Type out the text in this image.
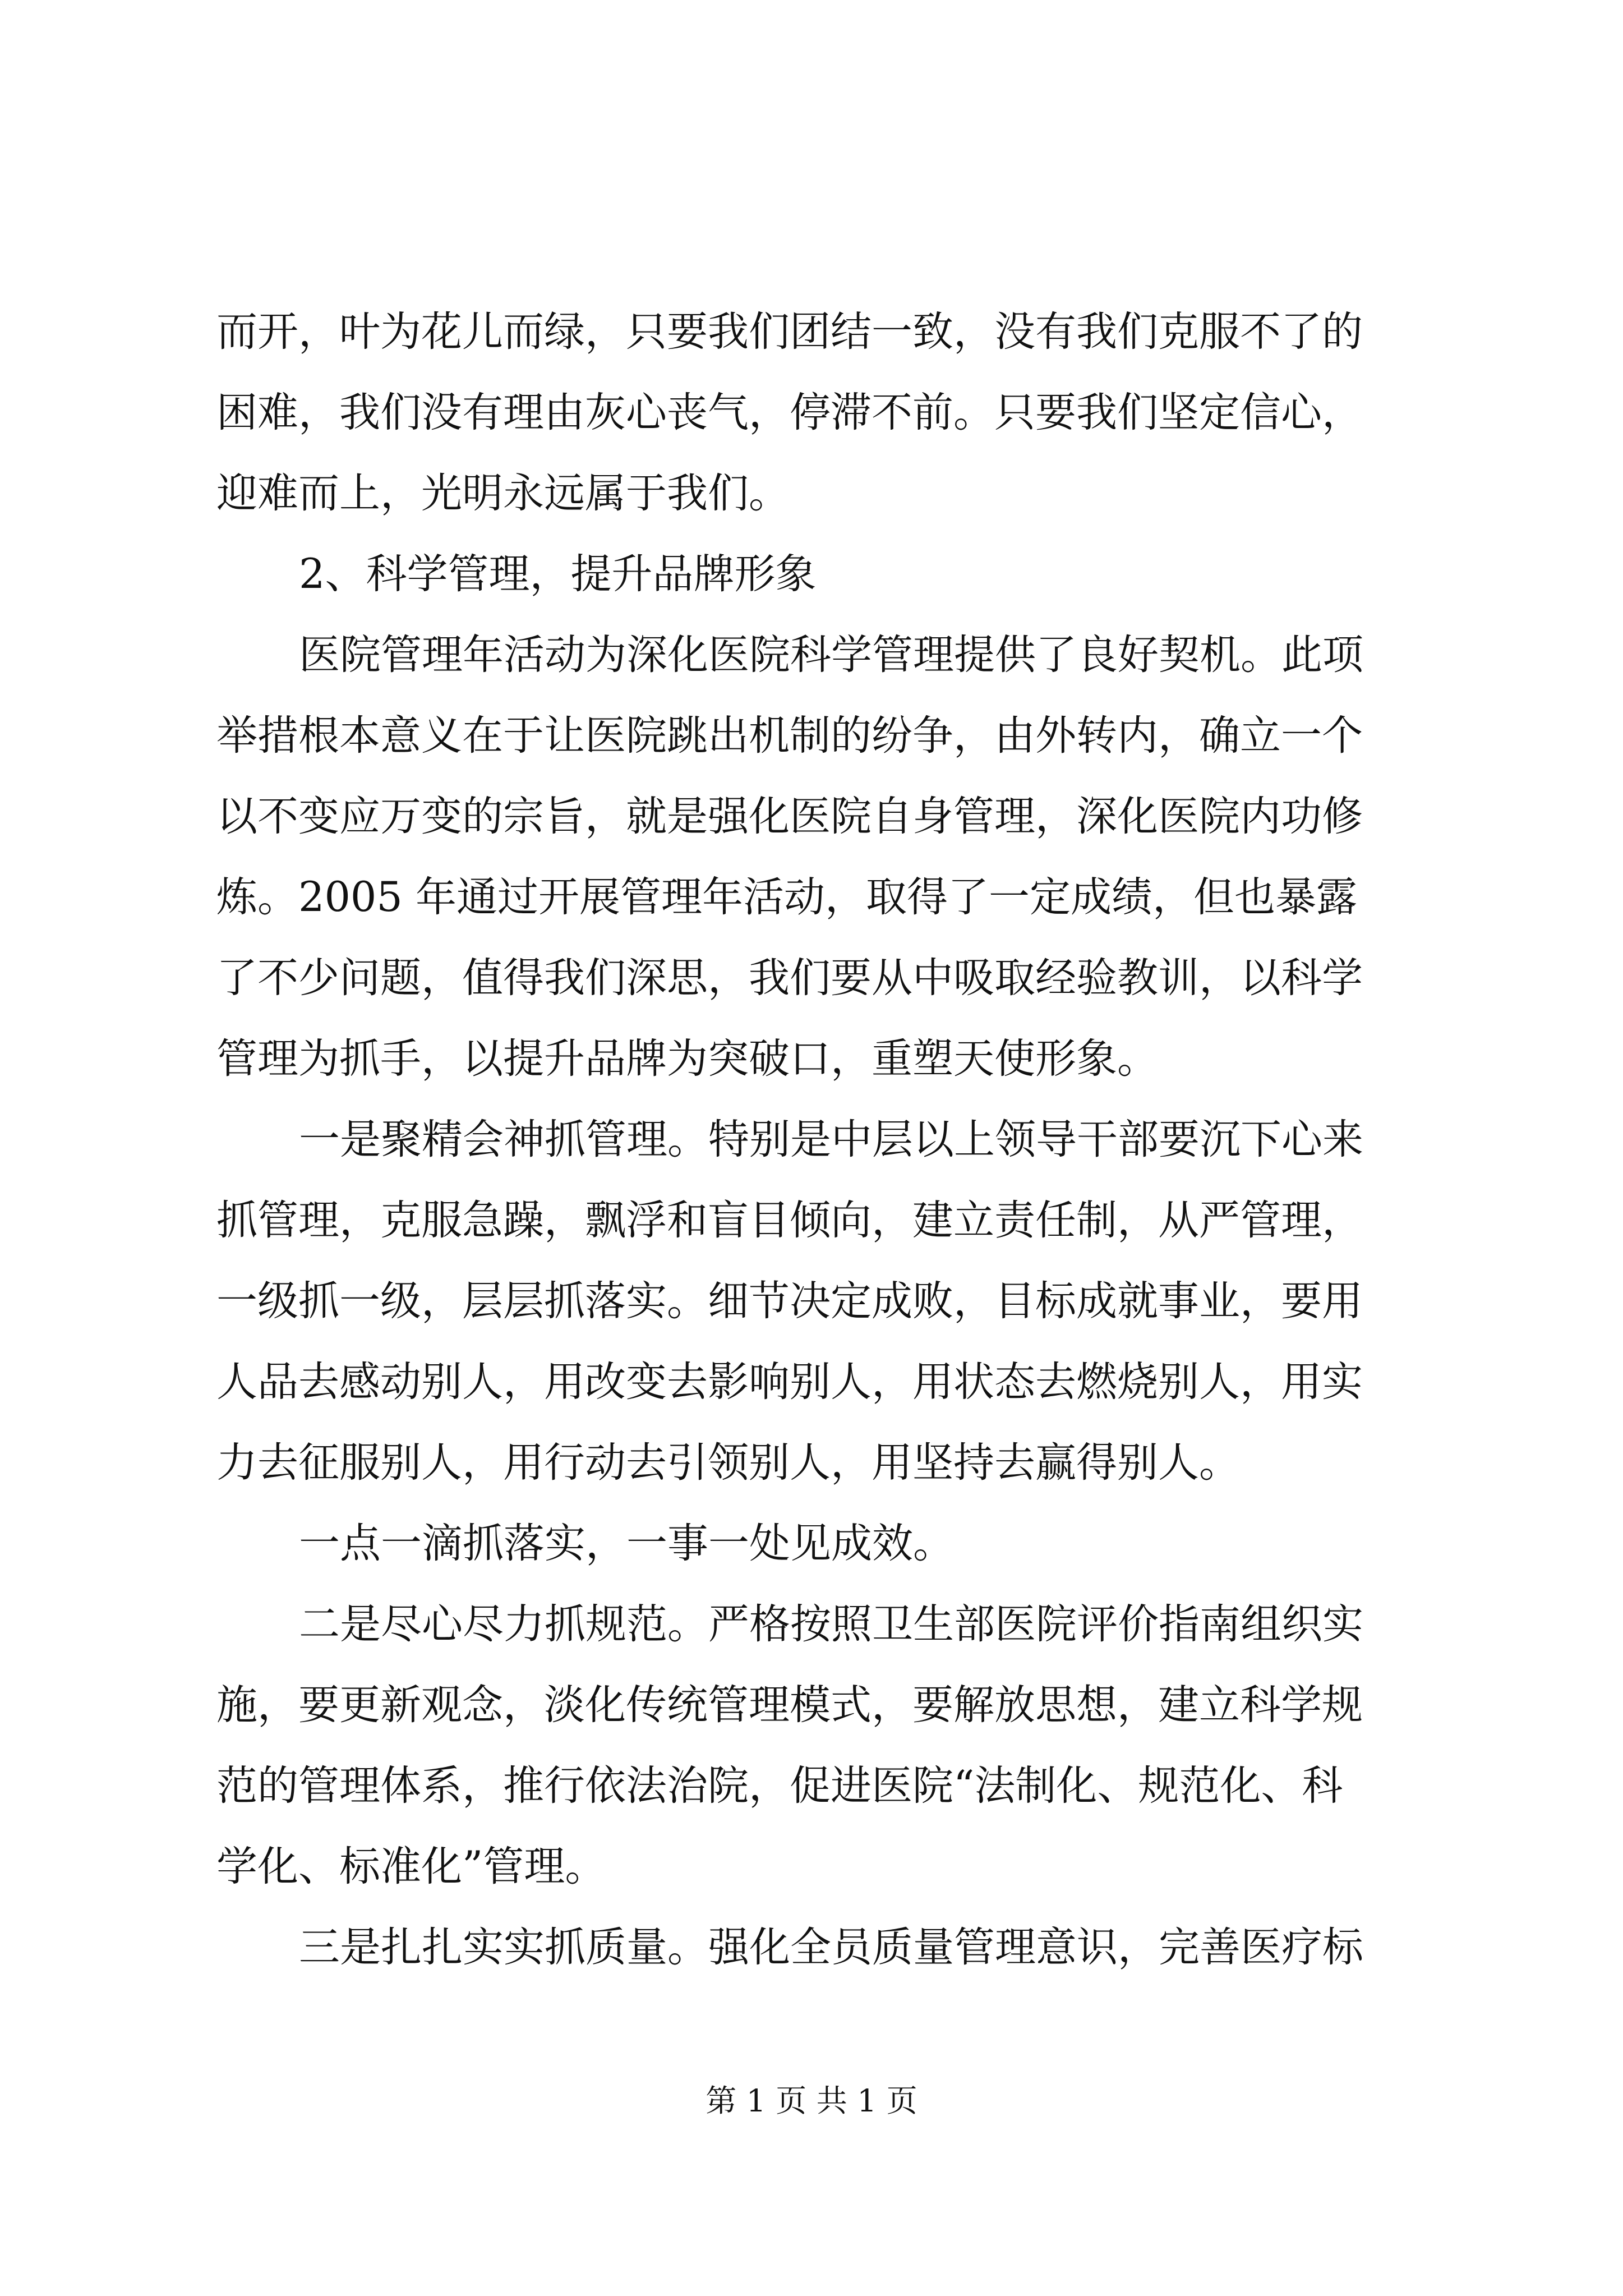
而开，叶为花儿而绿，只要我们团结一致，没有我们克服不了的
困难，我们没有理由灰心丧气，停滞不前。只要我们坚定信心，
迎难而上，光明永远属于我们。
2、科学管理，提升品牌形象
医院管理年活动为深化医院科学管理提供了良好契机。此项
举措根本意义在于让医院跳出机制的纷争，由外转内，确立一个
以不变应万变的宗旨，就是强化医院自身管理，深化医院内功修
炼。2005 年通过开展管理年活动，取得了一定成绩，但也暴露
了不少问题，值得我们深思，我们要从中吸取经验教训，以科学
管理为抓手，以提升品牌为突破口，重塑天使形象。
一是聚精会神抓管理。特别是中层以上领导干部要沉下心来
抓管理，克服急躁，飘浮和盲目倾向，建立责任制，从严管理，
一级抓一级，层层抓落实。细节决定成败，目标成就事业，要用
人品去感动别人，用改变去影响别人，用状态去燃烧别人，用实
力去征服别人，用行动去引领别人，用坚持去赢得别人。
一点一滴抓落实，一事一处见成效。
二是尽心尽力抓规范。严格按照卫生部医院评价指南组织实
施，要更新观念，淡化传统管理模式，要解放思想，建立科学规
范的管理体系，推行依法治院，促进医院“法制化、规范化、科
学化、标准化”管理。
三是扎扎实实抓质量。强化全员质量管理意识，完善医疗标
第 1 页 共 1 页
